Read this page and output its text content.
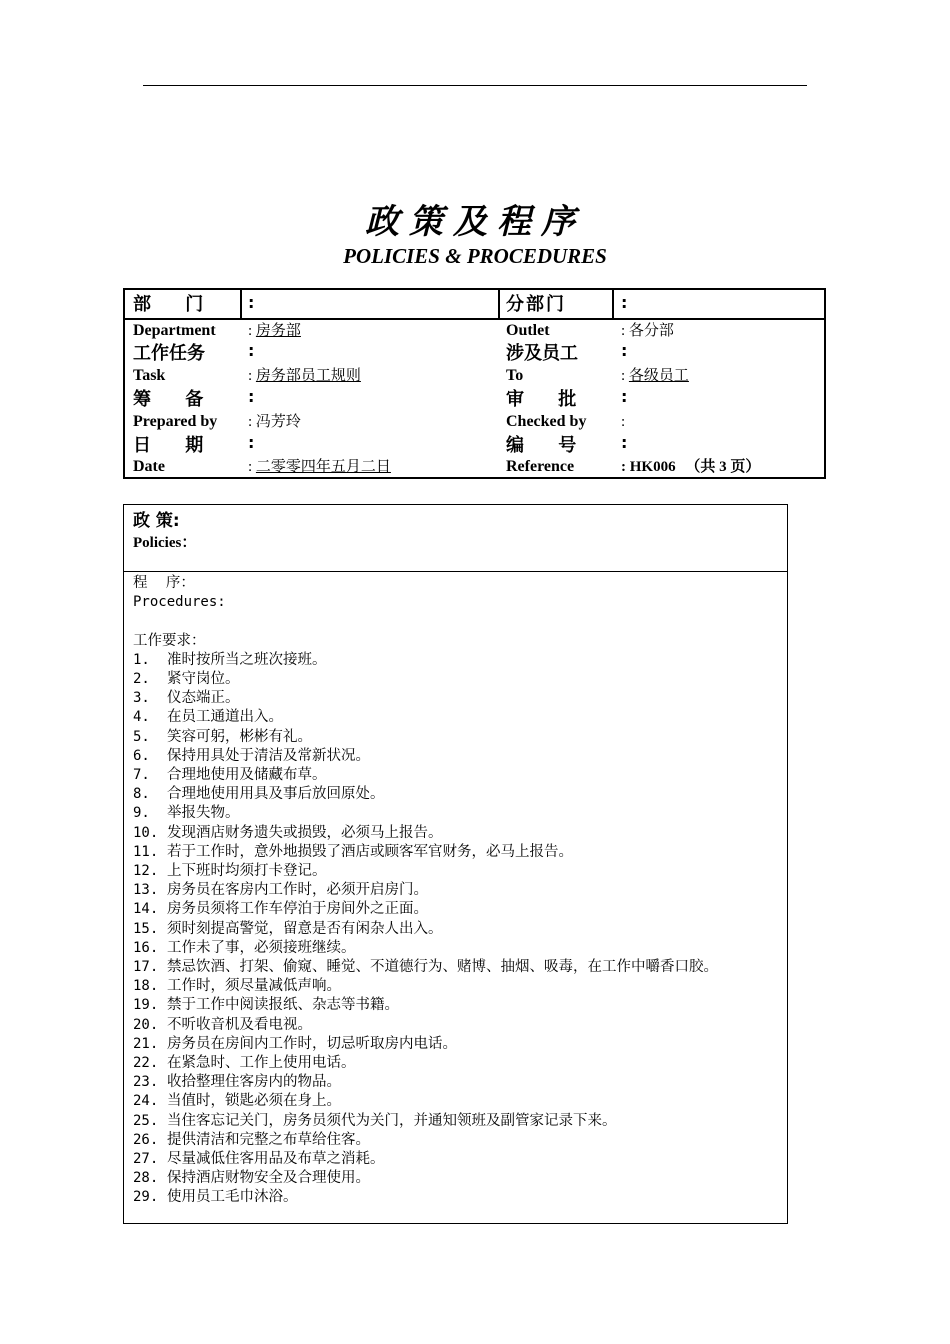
政策及程序
POLICIES & PROCEDURES
部 门 :	分部门	:
Department : 房务部	Outlet	: 各分部
工作任务	:	涉及员工	:
Task	: 房务部员工规则	To	: 各级员工
筹 备 :	审 批 :
Prepared by : 冯芳玲	Checked by :
日 期 :	编 号 :
Date	: 二零零四年五月二日	Reference	: HK006 （共 3 页）
政 策:
Policies：
程    序：
Procedures:
工作要求：
1. 准时按所当之班次接班。
2. 紧守岗位。
3. 仪态端正。
4. 在员工通道出入。
5. 笑容可躬，彬彬有礼。
6. 保持用具处于清洁及常新状况。
7. 合理地使用及储藏布草。
8. 合理地使用用具及事后放回原处。
9. 举报失物。
10. 发现酒店财务遗失或损毁，必须马上报告。
11. 若于工作时，意外地损毁了酒店或顾客军官财务，必马上报告。
12. 上下班时均须打卡登记。
13. 房务员在客房内工作时，必须开启房门。
14. 房务员须将工作车停泊于房间外之正面。
15. 须时刻提高警觉，留意是否有闲杂人出入。
16. 工作未了事，必须接班继续。
17. 禁忌饮酒、打架、偷窥、睡觉、不道德行为、赌博、抽烟、吸毒，在工作中嚼香口胶。
18. 工作时，须尽量减低声响。
19. 禁于工作中阅读报纸、杂志等书籍。
20. 不听收音机及看电视。
21. 房务员在房间内工作时，切忌听取房内电话。
22. 在紧急时、工作上使用电话。
23. 收拾整理住客房内的物品。
24. 当值时，锁匙必须在身上。
25. 当住客忘记关门，房务员须代为关门，并通知领班及副管家记录下来。
26. 提供清洁和完整之布草给住客。
27. 尽量减低住客用品及布草之消耗。
28. 保持酒店财物安全及合理使用。
29. 使用员工毛巾沐浴。
